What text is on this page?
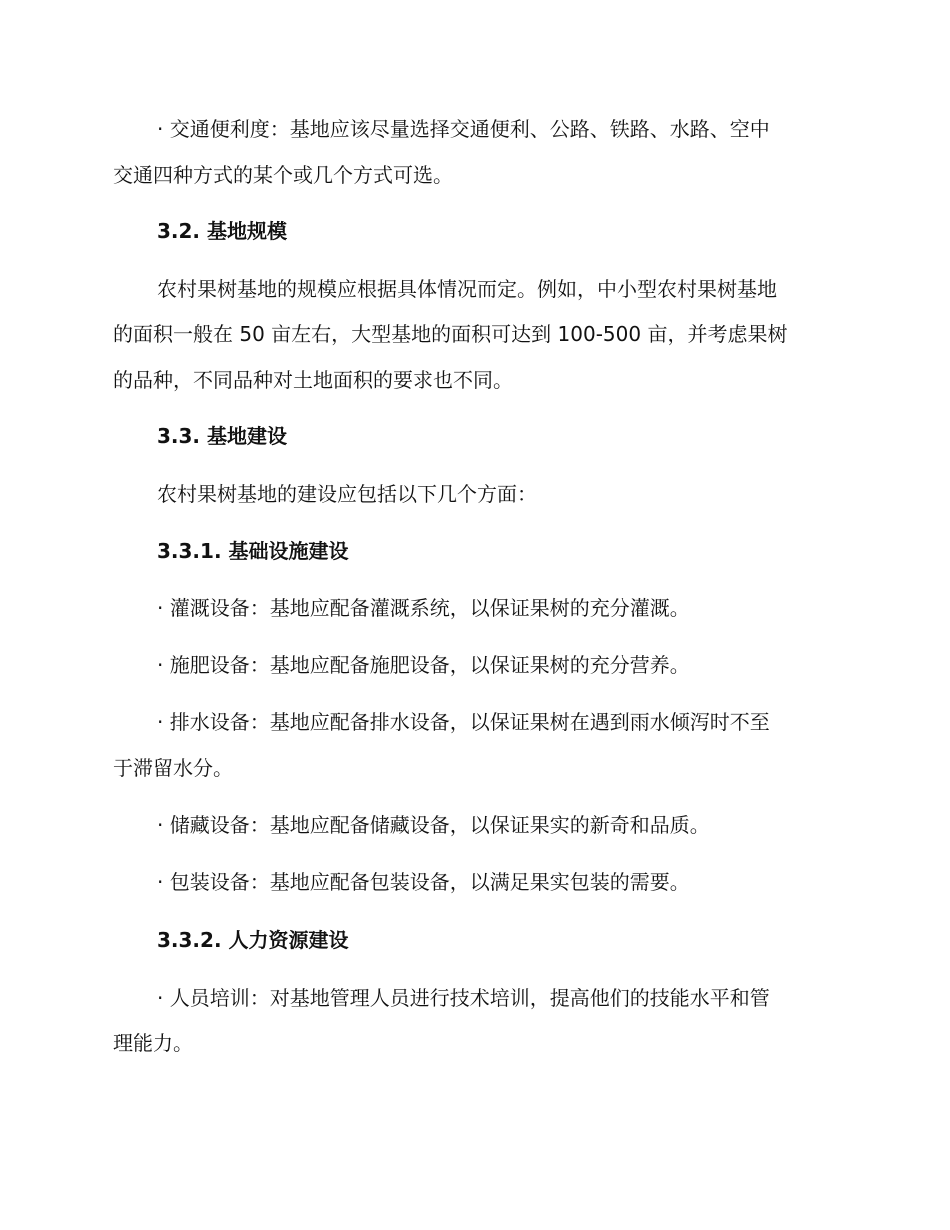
· 交通便利度：基地应该尽量选择交通便利、公路、铁路、水路、空中
交通四种方式的某个或几个方式可选。
3.2. 基地规模
农村果树基地的规模应根据具体情况而定。例如，中小型农村果树基地
的面积一般在 50 亩左右，大型基地的面积可达到 100-500 亩，并考虑果树
的品种，不同品种对土地面积的要求也不同。
3.3. 基地建设
农村果树基地的建设应包括以下几个方面：
3.3.1. 基础设施建设
· 灌溉设备：基地应配备灌溉系统，以保证果树的充分灌溉。
· 施肥设备：基地应配备施肥设备，以保证果树的充分营养。
· 排水设备：基地应配备排水设备，以保证果树在遇到雨水倾泻时不至
于滞留水分。
· 储藏设备：基地应配备储藏设备，以保证果实的新奇和品质。
· 包装设备：基地应配备包装设备，以满足果实包装的需要。
3.3.2. 人力资源建设
· 人员培训：对基地管理人员进行技术培训，提高他们的技能水平和管
理能力。
